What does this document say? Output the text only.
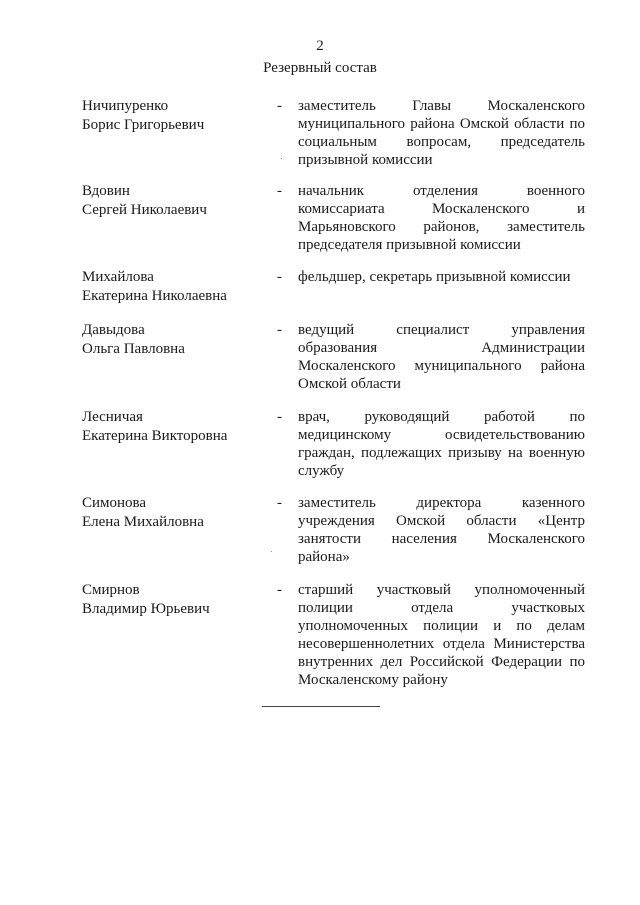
2
Резервный состав
Ничипуренко
Борис Григорьевич
- заместитель Главы Москаленского муниципального района Омской области по социальным вопросам, председатель призывной комиссии
Вдовин
Сергей Николаевич
- начальник отделения военного комиссариата Москаленского и Марьяновского районов, заместитель председателя призывной комиссии
Михайлова
Екатерина Николаевна
- фельдшер, секретарь призывной комиссии
Давыдова
Ольга Павловна
- ведущий специалист управления образования Администрации Москаленского муниципального района Омской области
Лесничая
Екатерина Викторовна
- врач, руководящий работой по медицинскому освидетельствованию граждан, подлежащих призыву на военную службу
Симонова
Елена Михайловна
- заместитель директора казенного учреждения Омской области «Центр занятости населения Москаленского района»
Смирнов
Владимир Юрьевич
- старший участковый уполномоченный полиции отдела участковых уполномоченных полиции и по делам несовершеннолетних отдела Министерства внутренних дел Российской Федерации по Москаленскому району
